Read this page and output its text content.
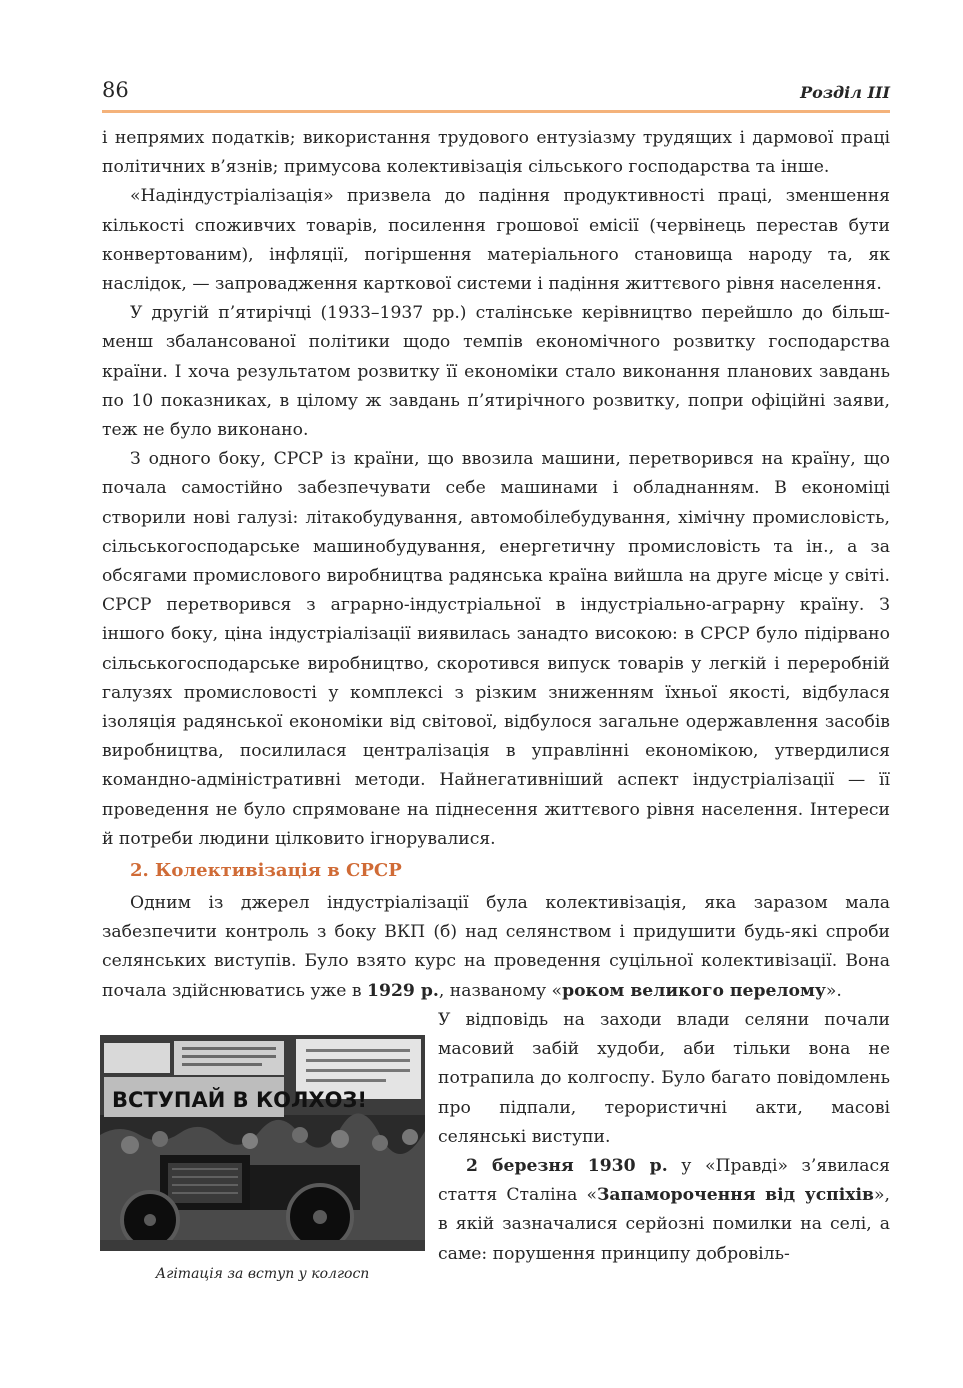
86	Розділ III

і непрямих податків; використання трудового ентузіазму трудящих і дармової праці політичних в’язнів; примусова колективізація сільського господарства та інше.

«Надіндустріалізація» призвела до падіння продуктивності праці, зменшення кількості споживчих товарів, посилення грошової емісії (червінець перестав бути конвертованим), інфляції, погіршення матеріального становища народу та, як наслідок, — запровадження карткової системи і падіння життєвого рівня населення.

У другій п’ятирічці (1933–1937 рр.) сталінське керівництво перейшло до більш-менш збалансованої політики щодо темпів економічного розвитку господарства країни. І хоча результатом розвитку її економіки стало виконання планових завдань по 10 показниках, в цілому ж завдань п’ятирічного розвитку, попри офіційні заяви, теж не було виконано.

З одного боку, СРСР із країни, що ввозила машини, перетворився на країну, що почала самостійно забезпечувати себе машинами і обладнанням. В економіці створили нові галузі: літакобудування, автомобілебудування, хімічну промисловість, сільськогосподарське машинобудування, енергетичну промисловість та ін., а за обсягами промислового виробництва радянська країна вийшла на друге місце у світі. СРСР перетворився з аграрно-індустріальної в індустріально-аграрну країну. З іншого боку, ціна індустріалізації виявилась занадто високою: в СРСР було підірвано сільськогосподарське виробництво, скоротився випуск товарів у легкій і переробній галузях промисловості у комплексі з різким зниженням їхньої якості, відбулася ізоляція радянської економіки від світової, відбулося загальне одержавлення засобів виробництва, посилилася централізація в управлінні економікою, утвердилися командно-адміністративні методи. Найнегативніший аспект індустріалізації — її проведення не було спрямоване на піднесення життєвого рівня населення. Інтереси й потреби людини цілковито ігнорувалися.

2. Колективізація в СРСР

Одним із джерел індустріалізації була колективізація, яка заразом мала забезпечити контроль з боку ВКП (б) над селянством і придушити будь-які спроби селянських виступів. Було взято курс на проведення суцільної колективізації. Вона почала здійснюватись уже в 1929 р., названому «роком великого перелому».

У відповідь на заходи влади селяни почали масовий забій худоби, аби тільки вона не потрапила до колгоспу. Було багато повідомлень про підпали, терористичні акти, масові селянські виступи.

2 березня 1930 р. у «Правді» з’явилася стаття Сталіна «Запаморочення від успіхів», в якій зазначалися серйозні помилки на селі, а саме: порушення принципу добровіль-

ВСТУПАЙ В КОЛХОЗ!
Агітація за вступ у колгосп
